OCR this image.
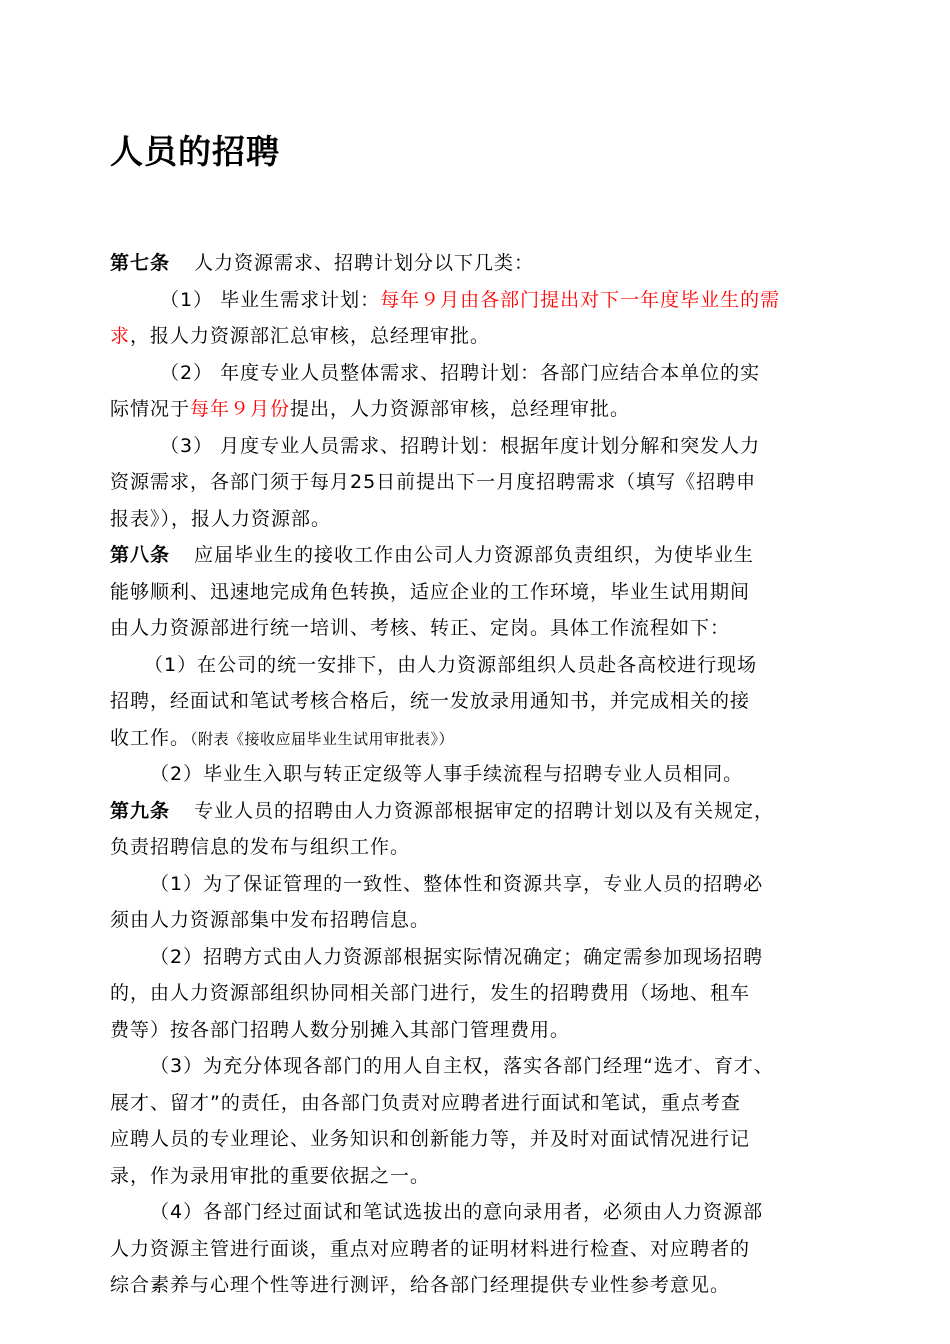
人员的招聘
第七条 人力资源需求、招聘计划分以下几类：
（1） 毕业生需求计划：每年９月由各部门提出对下一年度毕业生的需
求，报人力资源部汇总审核，总经理审批。
（2） 年度专业人员整体需求、招聘计划：各部门应结合本单位的实
际情况于每年９月份提出，人力资源部审核，总经理审批。
（3） 月度专业人员需求、招聘计划：根据年度计划分解和突发人力
资源需求，各部门须于每月25日前提出下一月度招聘需求（填写《招聘申
报表》），报人力资源部。
第八条 应届毕业生的接收工作由公司人力资源部负责组织，为使毕业生
能够顺利、迅速地完成角色转换，适应企业的工作环境，毕业生试用期间
由人力资源部进行统一培训、考核、转正、定岗。具体工作流程如下：
（1）在公司的统一安排下，由人力资源部组织人员赴各高校进行现场
招聘，经面试和笔试考核合格后，统一发放录用通知书，并完成相关的接
收工作。（附表《接收应届毕业生试用审批表》）
（2）毕业生入职与转正定级等人事手续流程与招聘专业人员相同。
第九条 专业人员的招聘由人力资源部根据审定的招聘计划以及有关规定，
负责招聘信息的发布与组织工作。
（1）为了保证管理的一致性、整体性和资源共享，专业人员的招聘必
须由人力资源部集中发布招聘信息。
（2）招聘方式由人力资源部根据实际情况确定；确定需参加现场招聘
的，由人力资源部组织协同相关部门进行，发生的招聘费用（场地、租车
费等）按各部门招聘人数分别摊入其部门管理费用。
（3）为充分体现各部门的用人自主权，落实各部门经理“选才、育才、
展才、留才”的责任，由各部门负责对应聘者进行面试和笔试，重点考查
应聘人员的专业理论、业务知识和创新能力等，并及时对面试情况进行记
录，作为录用审批的重要依据之一。
（4）各部门经过面试和笔试选拔出的意向录用者，必须由人力资源部
人力资源主管进行面谈，重点对应聘者的证明材料进行检查、对应聘者的
综合素养与心理个性等进行测评，给各部门经理提供专业性参考意见。
